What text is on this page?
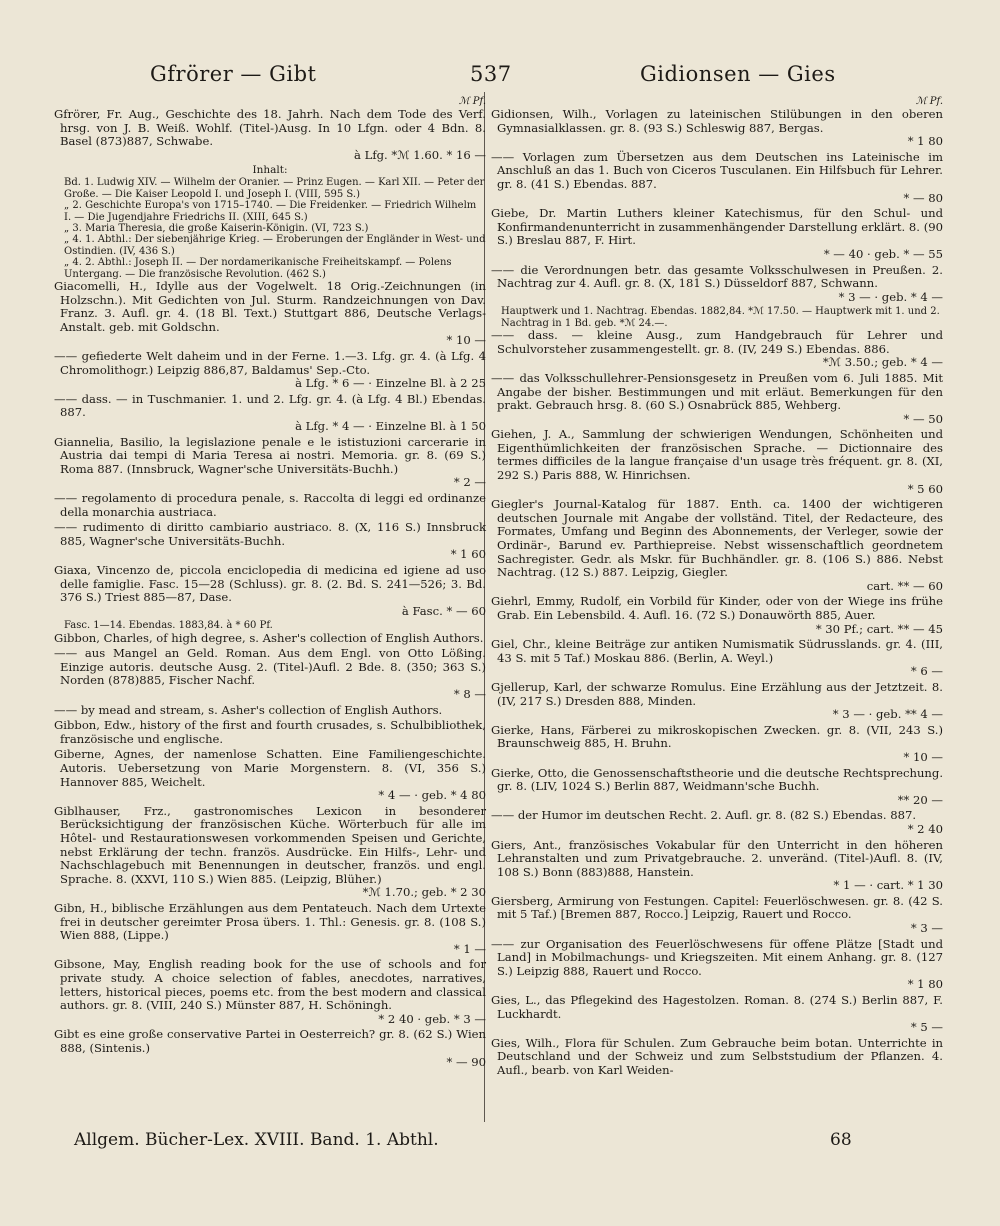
Gfrörer — Gibt	537	Gidionsen — Gies
ℳ Pf.
Gfrörer, Fr. Aug., Geschichte des 18. Jahrh. Nach dem Tode des Verf. hrsg. von J. B. Weiß. Wohlf. (Titel-)Ausg. In 10 Lfgn. oder 4 Bdn. 8. Basel (873)887, Schwabe.
à Lfg. *ℳ 1.60. * 16 —
Inhalt:
Bd. 1. Ludwig XIV. — Wilhelm der Oranier. — Prinz Eugen. — Karl XII. — Peter der Große. — Die Kaiser Leopold I. und Joseph I. (VIII, 595 S.)
„ 2. Geschichte Europa's von 1715–1740. — Die Freidenker. — Friedrich Wilhelm I. — Die Jugendjahre Friedrichs II. (XIII, 645 S.)
„ 3. Maria Theresia, die große Kaiserin-Königin. (VI, 723 S.)
„ 4. 1. Abthl.: Der siebenjährige Krieg. — Eroberungen der Engländer in West- und Ostindien. (IV, 436 S.)
„ 4. 2. Abthl.: Joseph II. — Der nordamerikanische Freiheitskampf. — Polens Untergang. — Die französische Revolution. (462 S.)
Giacomelli, H., Idylle aus der Vogelwelt. 18 Orig.-Zeichnungen (in Holzschn.). Mit Gedichten von Jul. Sturm. Randzeichnungen von Dav. Franz. 3. Aufl. gr. 4. (18 Bl. Text.) Stuttgart 886, Deutsche Verlags-Anstalt. geb. mit Goldschn.
* 10 —
—— gefiederte Welt daheim und in der Ferne. 1.—3. Lfg. gr. 4. (à Lfg. 4 Chromolithogr.) Leipzig 886,87, Baldamus' Sep.-Cto.
à Lfg. * 6 — · Einzelne Bl. à 2 25
—— dass. — in Tuschmanier. 1. und 2. Lfg. gr. 4. (à Lfg. 4 Bl.) Ebendas. 887.
à Lfg. * 4 — · Einzelne Bl. à 1 50
Giannelia, Basilio, la legislazione penale e le ististuzioni carcerarie in Austria dai tempi di Maria Teresa ai nostri. Memoria. gr. 8. (69 S.) Roma 887. (Innsbruck, Wagner'sche Universitäts-Buchh.)
* 2 —
—— regolamento di procedura penale, s. Raccolta di leggi ed ordinanze della monarchia austriaca.
—— rudimento di diritto cambiario austriaco. 8. (X, 116 S.) Innsbruck 885, Wagner'sche Universitäts-Buchh.
* 1 60
Giaxa, Vincenzo de, piccola enciclopedia di medicina ed igiene ad uso delle famiglie. Fasc. 15—28 (Schluss). gr. 8. (2. Bd. S. 241—526; 3. Bd. 376 S.) Triest 885—87, Dase.
à Fasc. * — 60
Fasc. 1—14. Ebendas. 1883,84. à * 60 Pf.
Gibbon, Charles, of high degree, s. Asher's collection of English Authors.
—— aus Mangel an Geld. Roman. Aus dem Engl. von Otto Lößing. Einzige autoris. deutsche Ausg. 2. (Titel-)Aufl. 2 Bde. 8. (350; 363 S.) Norden (878)885, Fischer Nachf.
* 8 —
—— by mead and stream, s. Asher's collection of English Authors.
Gibbon, Edw., history of the first and fourth crusades, s. Schulbibliothek, französische und englische.
Giberne, Agnes, der namenlose Schatten. Eine Familiengeschichte. Autoris. Uebersetzung von Marie Morgenstern. 8. (VI, 356 S.) Hannover 885, Weichelt.
* 4 — · geb. * 4 80
Giblhauser, Frz., gastronomisches Lexicon in besonderer Berücksichtigung der französischen Küche. Wörterbuch für alle im Hôtel- und Restaurationswesen vorkommenden Speisen und Gerichte, nebst Erklärung der techn. französ. Ausdrücke. Ein Hilfs-, Lehr- und Nachschlagebuch mit Benennungen in deutscher, französ. und engl. Sprache. 8. (XXVI, 110 S.) Wien 885. (Leipzig, Blüher.)
*ℳ 1.70.; geb. * 2 30
Gibn, H., biblische Erzählungen aus dem Pentateuch. Nach dem Urtexte frei in deutscher gereimter Prosa übers. 1. Thl.: Genesis. gr. 8. (108 S.) Wien 888, (Lippe.)
* 1 —
Gibsone, May, English reading book for the use of schools and for private study. A choice selection of fables, anecdotes, narratives, letters, historical pieces, poems etc. from the best modern and classical authors. gr. 8. (VIII, 240 S.) Münster 887, H. Schöningh.
* 2 40 · geb. * 3 —
Gibt es eine große conservative Partei in Oesterreich? gr. 8. (62 S.) Wien 888, (Sintenis.)
* — 90
ℳ Pf.
Gidionsen, Wilh., Vorlagen zu lateinischen Stilübungen in den oberen Gymnasialklassen. gr. 8. (93 S.) Schleswig 887, Bergas.
* 1 80
—— Vorlagen zum Übersetzen aus dem Deutschen ins Lateinische im Anschluß an das 1. Buch von Ciceros Tusculanen. Ein Hilfsbuch für Lehrer. gr. 8. (41 S.) Ebendas. 887.
* — 80
Giebe, Dr. Martin Luthers kleiner Katechismus, für den Schul- und Konfirmandenunterricht in zusammenhängender Darstellung erklärt. 8. (90 S.) Breslau 887, F. Hirt.
* — 40 · geb. * — 55
—— die Verordnungen betr. das gesamte Volksschulwesen in Preußen. 2. Nachtrag zur 4. Aufl. gr. 8. (X, 181 S.) Düsseldorf 887, Schwann.
* 3 — · geb. * 4 —
Hauptwerk und 1. Nachtrag. Ebendas. 1882,84. *ℳ 17.50. — Hauptwerk mit 1. und 2. Nachtrag in 1 Bd. geb. *ℳ 24.—.
—— dass. — kleine Ausg., zum Handgebrauch für Lehrer und Schulvorsteher zusammengestellt. gr. 8. (IV, 249 S.) Ebendas. 886.
*ℳ 3.50.; geb. * 4 —
—— das Volksschullehrer-Pensionsgesetz in Preußen vom 6. Juli 1885. Mit Angabe der bisher. Bestimmungen und mit erläut. Bemerkungen für den prakt. Gebrauch hrsg. 8. (60 S.) Osnabrück 885, Wehberg.
* — 50
Giehen, J. A., Sammlung der schwierigen Wendungen, Schönheiten und Eigenthümlichkeiten der französischen Sprache. — Dictionnaire des termes difficiles de la langue française d'un usage très fréquent. gr. 8. (XI, 292 S.) Paris 888, W. Hinrichsen.
* 5 60
Giegler's Journal-Katalog für 1887. Enth. ca. 1400 der wichtigeren deutschen Journale mit Angabe der vollständ. Titel, der Redacteure, des Formates, Umfang und Beginn des Abonnements, der Verleger, sowie der Ordinär-, Barund ev. Parthiepreise. Nebst wissenschaftlich geordnetem Sachregister. Gedr. als Mskr. für Buchhändler. gr. 8. (106 S.) 886. Nebst Nachtrag. (12 S.) 887. Leipzig, Giegler.
cart. ** — 60
Giehrl, Emmy, Rudolf, ein Vorbild für Kinder, oder von der Wiege ins frühe Grab. Ein Lebensbild. 4. Aufl. 16. (72 S.) Donauwörth 885, Auer.
* 30 Pf.; cart. ** — 45
Giel, Chr., kleine Beiträge zur antiken Numismatik Südrusslands. gr. 4. (III, 43 S. mit 5 Taf.) Moskau 886. (Berlin, A. Weyl.)
* 6 —
Gjellerup, Karl, der schwarze Romulus. Eine Erzählung aus der Jetztzeit. 8. (IV, 217 S.) Dresden 888, Minden.
* 3 — · geb. ** 4 —
Gierke, Hans, Färberei zu mikroskopischen Zwecken. gr. 8. (VII, 243 S.) Braunschweig 885, H. Bruhn.
* 10 —
Gierke, Otto, die Genossenschaftstheorie und die deutsche Rechtsprechung. gr. 8. (LIV, 1024 S.) Berlin 887, Weidmann'sche Buchh.
** 20 —
—— der Humor im deutschen Recht. 2. Aufl. gr. 8. (82 S.) Ebendas. 887.
* 2 40
Giers, Ant., französisches Vokabular für den Unterricht in den höheren Lehranstalten und zum Privatgebrauche. 2. unveränd. (Titel-)Aufl. 8. (IV, 108 S.) Bonn (883)888, Hanstein.
* 1 — · cart. * 1 30
Giersberg, Armirung von Festungen. Capitel: Feuerlöschwesen. gr. 8. (42 S. mit 5 Taf.) [Bremen 887, Rocco.] Leipzig, Rauert und Rocco.
* 3 —
—— zur Organisation des Feuerlöschwesens für offene Plätze [Stadt und Land] in Mobilmachungs- und Kriegszeiten. Mit einem Anhang. gr. 8. (127 S.) Leipzig 888, Rauert und Rocco.
* 1 80
Gies, L., das Pflegekind des Hagestolzen. Roman. 8. (274 S.) Berlin 887, F. Luckhardt.
* 5 —
Gies, Wilh., Flora für Schulen. Zum Gebrauche beim botan. Unterrichte in Deutschland und der Schweiz und zum Selbststudium der Pflanzen. 4. Aufl., bearb. von Karl Weiden-
Allgem. Bücher-Lex. XVIII. Band. 1. Abthl.	68
